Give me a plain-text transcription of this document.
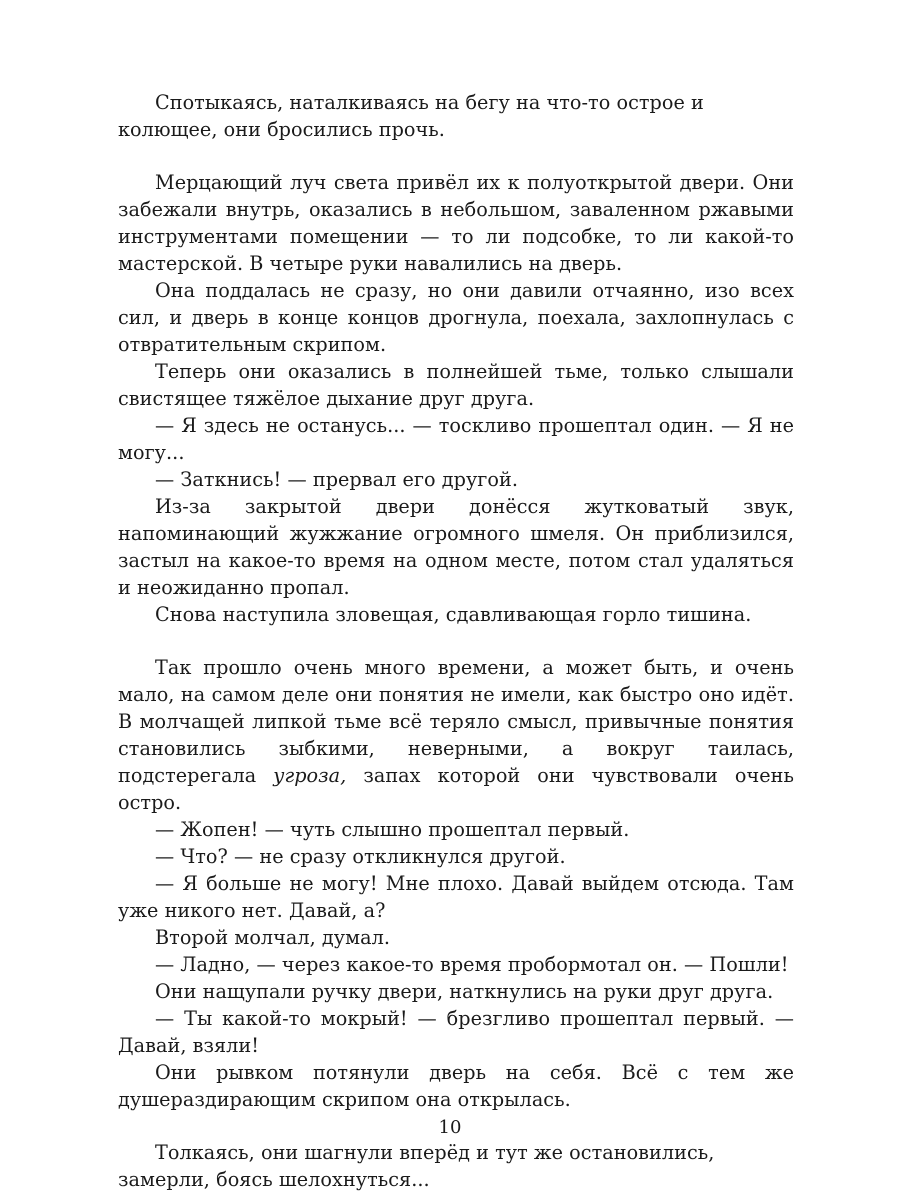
Спотыкаясь, наталкиваясь на бегу на что-то острое и колющее, они бросились прочь.

Мерцающий луч света привёл их к полуоткрытой двери. Они забежали внутрь, оказались в небольшом, заваленном ржавыми инструментами помещении — то ли подсобке, то ли какой-то мастерской. В четыре руки навалились на дверь.

Она поддалась не сразу, но они давили отчаянно, изо всех сил, и дверь в конце концов дрогнула, поехала, захлопнулась с отвратительным скрипом.

Теперь они оказались в полнейшей тьме, только слышали свистящее тяжёлое дыхание друг друга.

— Я здесь не останусь... — тоскливо прошептал один. — Я не могу...

— Заткнись! — прервал его другой.

Из-за закрытой двери донёсся жутковатый звук, напоминающий жужжание огромного шмеля. Он приблизился, застыл на какое-то время на одном месте, потом стал удаляться и неожиданно пропал.

Снова наступила зловещая, сдавливающая горло тишина.

Так прошло очень много времени, а может быть, и очень мало, на самом деле они понятия не имели, как быстро оно идёт. В молчащей липкой тьме всё теряло смысл, привычные понятия становились зыбкими, неверными, а вокруг таилась, подстерегала угроза, запах которой они чувствовали очень остро.

— Жопен! — чуть слышно прошептал первый.

— Что? — не сразу откликнулся другой.

— Я больше не могу! Мне плохо. Давай выйдем отсюда. Там уже никого нет. Давай, а?

Второй молчал, думал.

— Ладно, — через какое-то время пробормотал он. — Пошли!

Они нащупали ручку двери, наткнулись на руки друг друга.

— Ты какой-то мокрый! — брезгливо прошептал первый. — Давай, взяли!

Они рывком потянули дверь на себя. Всё с тем же душераздирающим скрипом она открылась.

Толкаясь, они шагнули вперёд и тут же остановились, замерли, боясь шелохнуться...

10
